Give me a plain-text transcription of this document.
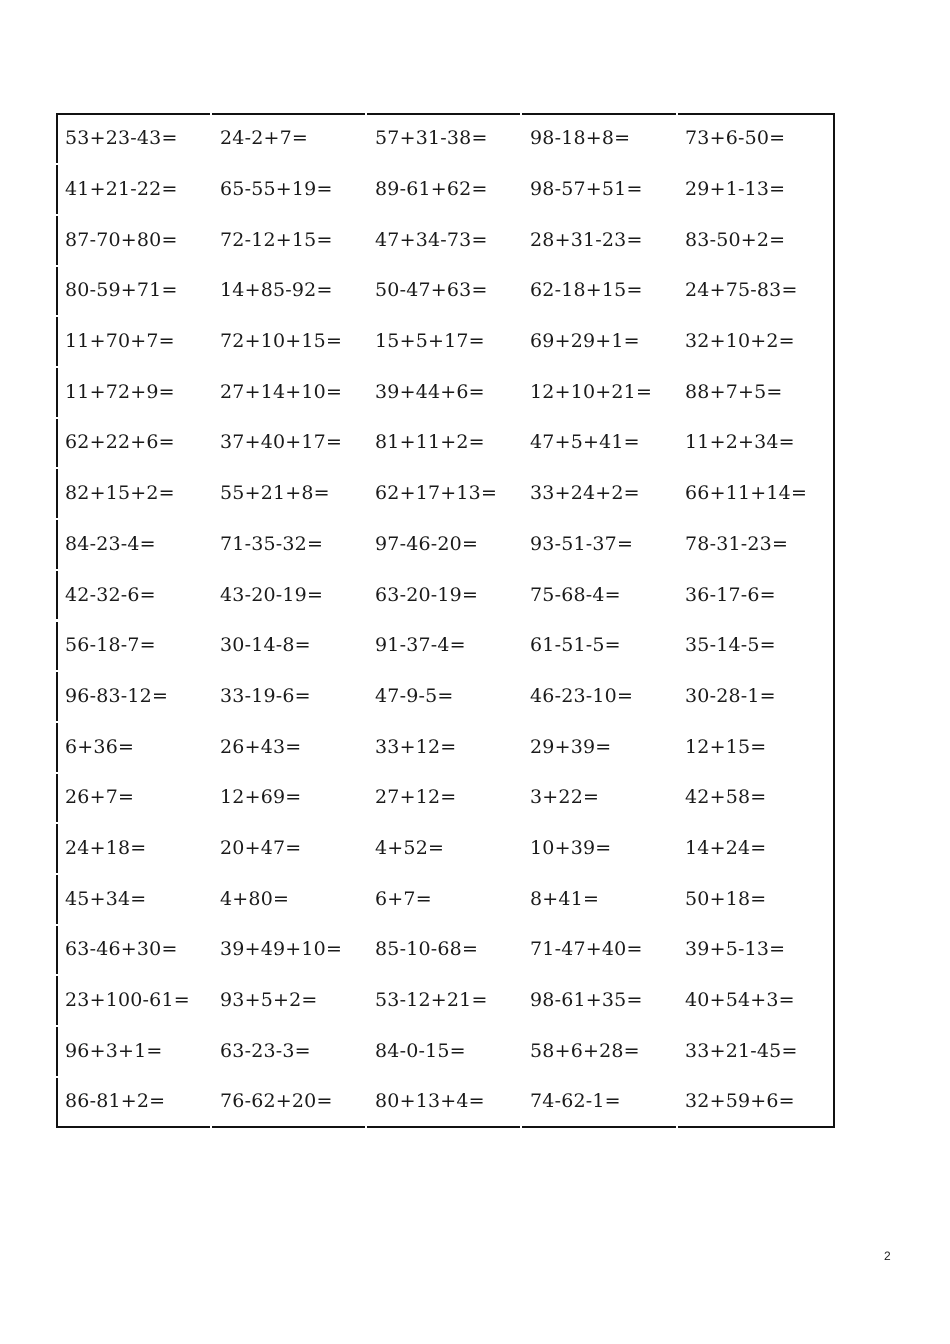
53+23-43=	24-2+7=	57+31-38=	98-18+8=	73+6-50=
41+21-22=	65-55+19=	89-61+62=	98-57+51=	29+1-13=
87-70+80=	72-12+15=	47+34-73=	28+31-23=	83-50+2=
80-59+71=	14+85-92=	50-47+63=	62-18+15=	24+75-83=
11+70+7=	72+10+15=	15+5+17=	69+29+1=	32+10+2=
11+72+9=	27+14+10=	39+44+6=	12+10+21=	88+7+5=
62+22+6=	37+40+17=	81+11+2=	47+5+41=	11+2+34=
82+15+2=	55+21+8=	62+17+13=	33+24+2=	66+11+14=
84-23-4=	71-35-32=	97-46-20=	93-51-37=	78-31-23=
42-32-6=	43-20-19=	63-20-19=	75-68-4=	36-17-6=
56-18-7=	30-14-8=	91-37-4=	61-51-5=	35-14-5=
96-83-12=	33-19-6=	47-9-5=	46-23-10=	30-28-1=
6+36=	26+43=	33+12=	29+39=	12+15=
26+7=	12+69=	27+12=	3+22=	42+58=
24+18=	20+47=	4+52=	10+39=	14+24=
45+34=	4+80=	6+7=	8+41=	50+18=
63-46+30=	39+49+10=	85-10-68=	71-47+40=	39+5-13=
23+100-61=	93+5+2=	53-12+21=	98-61+35=	40+54+3=
96+3+1=	63-23-3=	84-0-15=	58+6+28=	33+21-45=
86-81+2=	76-62+20=	80+13+4=	74-62-1=	32+59+6=
2
